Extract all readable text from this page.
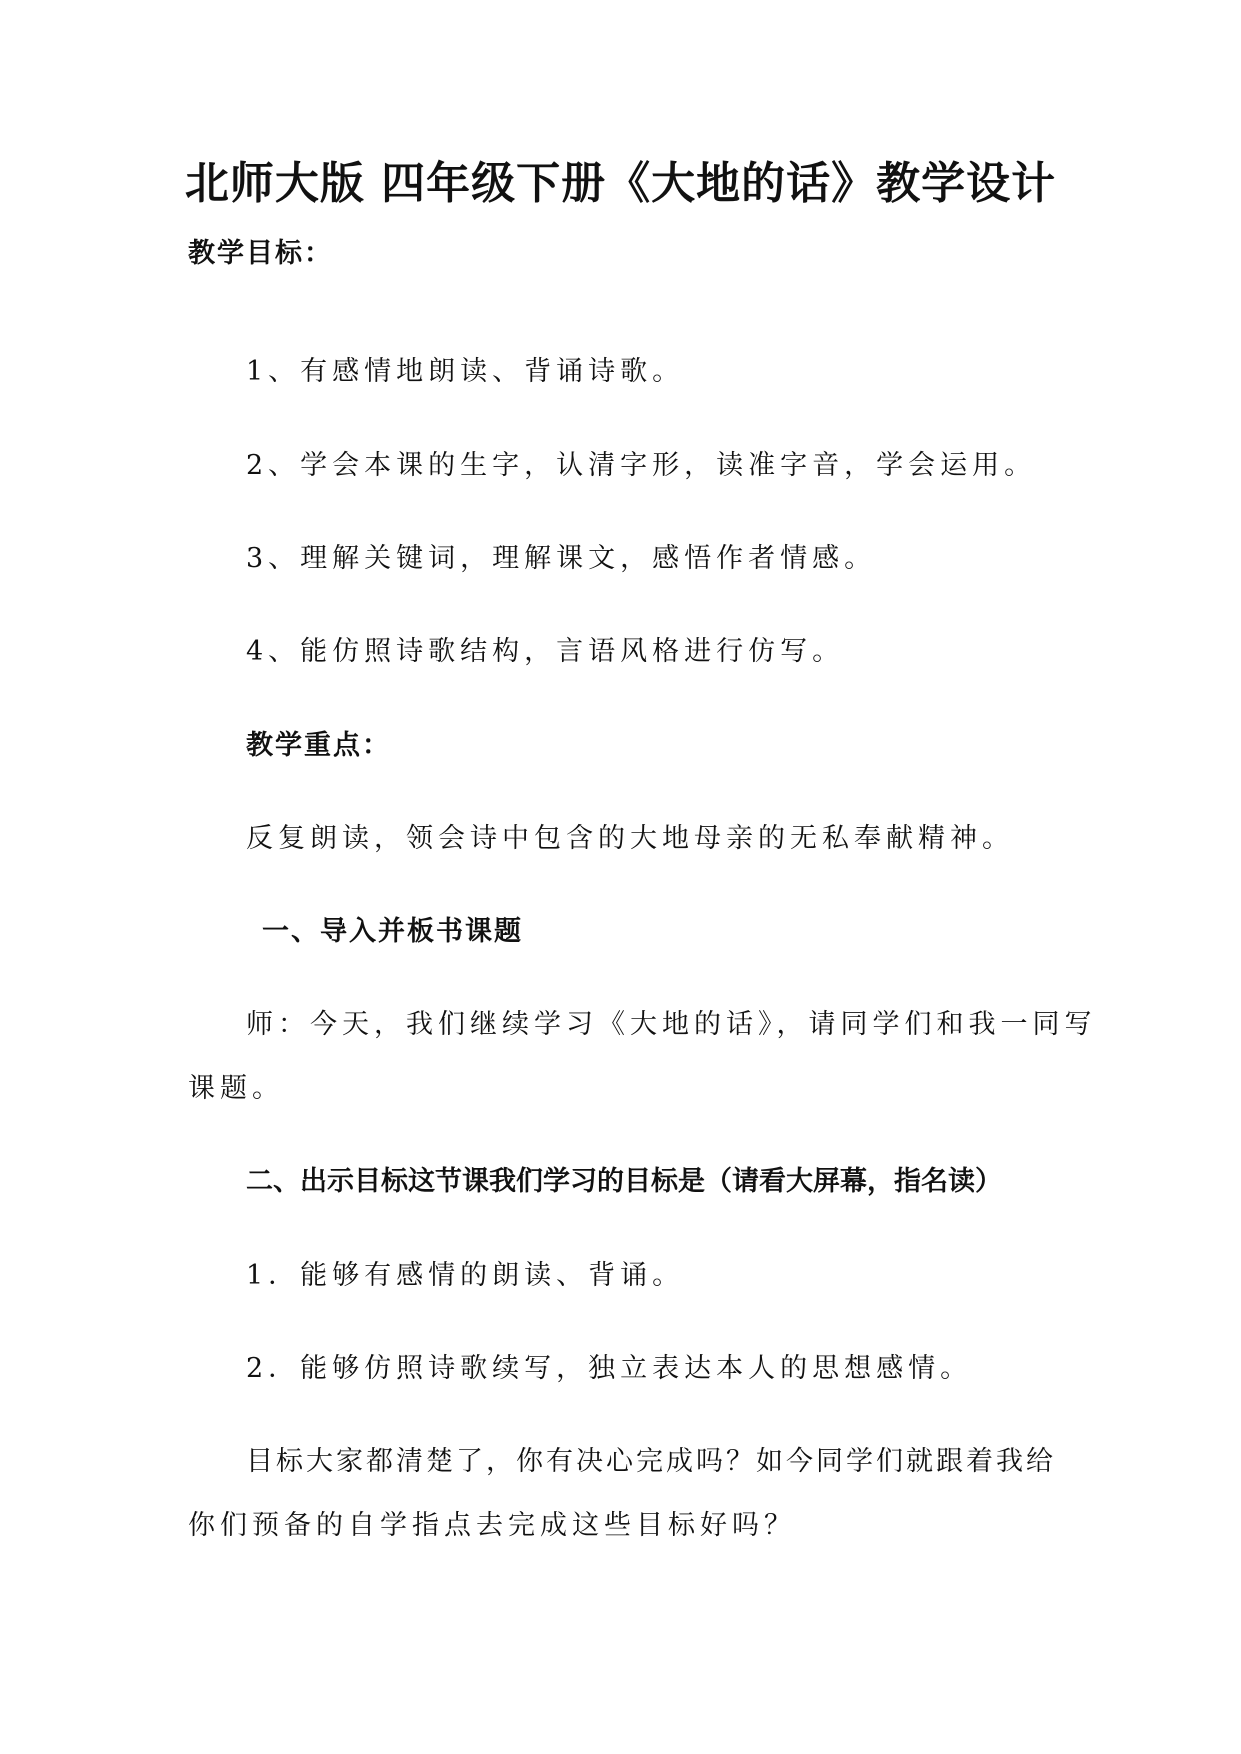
北师大版 四年级下册《大地的话》教学设计
教学目标：
1、有感情地朗读、背诵诗歌。
2、学会本课的生字，认清字形，读准字音，学会运用。
3、理解关键词，理解课文，感悟作者情感。
4、能仿照诗歌结构，言语风格进行仿写。
教学重点：
反复朗读，领会诗中包含的大地母亲的无私奉献精神。
一、导入并板书课题
师：今天，我们继续学习《大地的话》，请同学们和我一同写
课题。
二、出示目标这节课我们学习的目标是（请看大屏幕，指名读）
1．能够有感情的朗读、背诵。
2．能够仿照诗歌续写，独立表达本人的思想感情。
目标大家都清楚了，你有决心完成吗？如今同学们就跟着我给
你们预备的自学指点去完成这些目标好吗？
